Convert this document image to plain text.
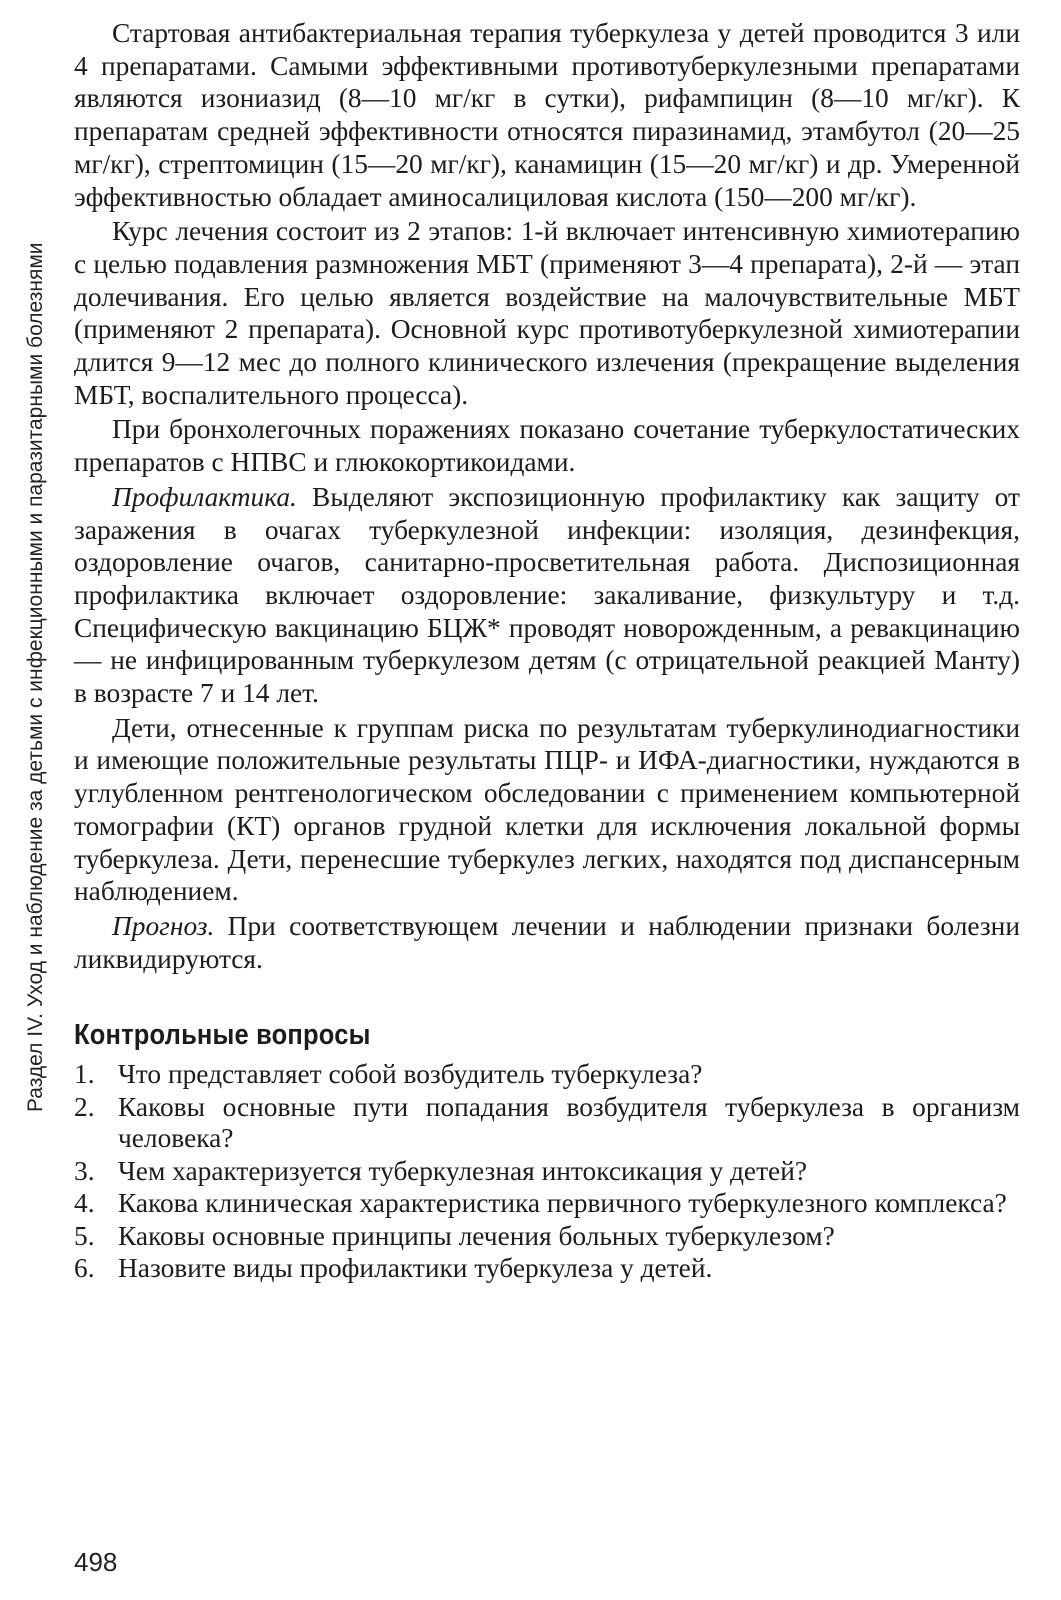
Раздел IV. Уход и наблюдение за детьми с инфекционными и паразитарными болезнями

Стартовая антибактериальная терапия туберкулеза у детей проводится 3 или 4 препаратами. Самыми эффективными противотуберкулезными препаратами являются изониазид (8—10 мг/кг в сутки), рифампицин (8—10 мг/кг). К препаратам средней эффективности относятся пиразинамид, этамбутол (20—25 мг/кг), стрептомицин (15—20 мг/кг), канамицин (15—20 мг/кг) и др. Умеренной эффективностью обладает аминосалициловая кислота (150—200 мг/кг).

Курс лечения состоит из 2 этапов: 1-й включает интенсивную химиотерапию с целью подавления размножения МБТ (применяют 3—4 препарата), 2-й — этап долечивания. Его целью является воздействие на малочувствительные МБТ (применяют 2 препарата). Основной курс противотуберкулезной химиотерапии длится 9—12 мес до полного клинического излечения (прекращение выделения МБТ, воспалительного процесса).

При бронхолегочных поражениях показано сочетание туберкулостатических препаратов с НПВС и глюкокортикоидами.

Профилактика. Выделяют экспозиционную профилактику как защиту от заражения в очагах туберкулезной инфекции: изоляция, дезинфекция, оздоровление очагов, санитарно-просветительная работа. Диспозиционная профилактика включает оздоровление: закаливание, физкультуру и т.д. Специфическую вакцинацию БЦЖ* проводят новорожденным, а ревакцинацию — не инфицированным туберкулезом детям (с отрицательной реакцией Манту) в возрасте 7 и 14 лет.

Дети, отнесенные к группам риска по результатам туберкулинодиагностики и имеющие положительные результаты ПЦР- и ИФА-диагностики, нуждаются в углубленном рентгенологическом обследовании с применением компьютерной томографии (КТ) органов грудной клетки для исключения локальной формы туберкулеза. Дети, перенесшие туберкулез легких, находятся под диспансерным наблюдением.

Прогноз. При соответствующем лечении и наблюдении признаки болезни ликвидируются.

Контрольные вопросы
1. Что представляет собой возбудитель туберкулеза?
2. Каковы основные пути попадания возбудителя туберкулеза в организм человека?
3. Чем характеризуется туберкулезная интоксикация у детей?
4. Какова клиническая характеристика первичного туберкулезного комплекса?
5. Каковы основные принципы лечения больных туберкулезом?
6. Назовите виды профилактики туберкулеза у детей.
498
